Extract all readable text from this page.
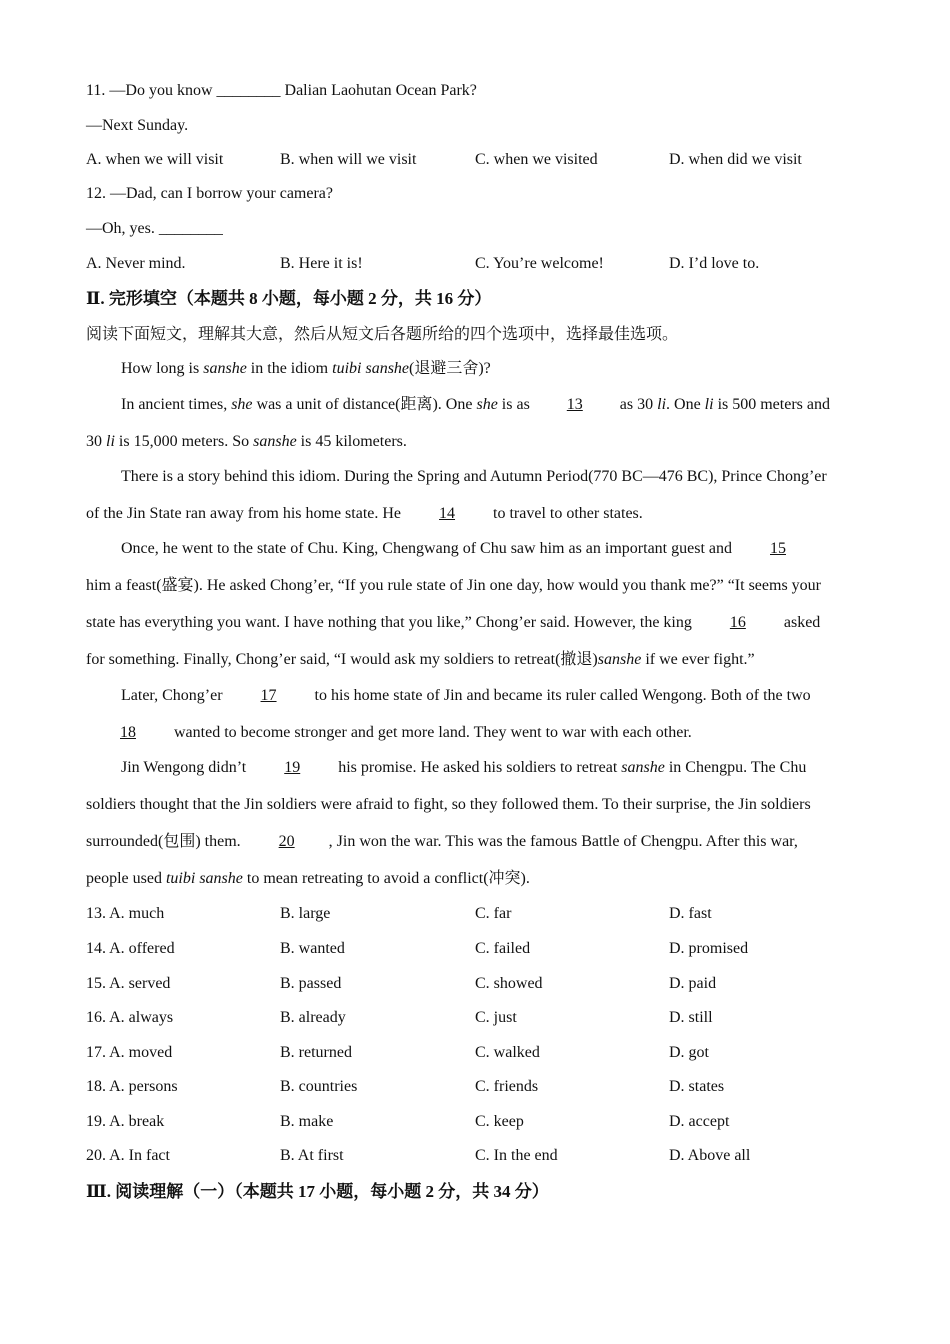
11. —Do you know ________ Dalian Laohutan Ocean Park?
—Next Sunday.
A. when we will visit	B. when will we visit	C. when we visited	D. when did we visit
12. —Dad, can I borrow your camera?
—Oh, yes. ________
A. Never mind.	B. Here it is!	C. You’re welcome!	D. I’d love to.
Ⅱ. 完形填空（本题共 8 小题，每小题 2 分，共 16 分）
阅读下面短文，理解其大意，然后从短文后各题所给的四个选项中，选择最佳选项。
How long is sanshe in the idiom tuibi sanshe(退避三舍)?
In ancient times, she was a unit of distance(距离). One she is as 13 as 30 li. One li is 500 meters and
30 li is 15,000 meters. So sanshe is 45 kilometers.
There is a story behind this idiom. During the Spring and Autumn Period(770 BC—476 BC), Prince Chong’er
of the Jin State ran away from his home state. He 14 to travel to other states.
Once, he went to the state of Chu. King, Chengwang of Chu saw him as an important guest and 15
him a feast(盛宴). He asked Chong’er, “If you rule state of Jin one day, how would you thank me?” “It seems your
state has everything you want. I have nothing that you like,” Chong’er said. However, the king 16 asked
for something. Finally, Chong’er said, “I would ask my soldiers to retreat(撤退)sanshe if we ever fight.”
Later, Chong’er 17 to his home state of Jin and became its ruler called Wengong. Both of the two
18 wanted to become stronger and get more land. They went to war with each other.
Jin Wengong didn’t 19 his promise. He asked his soldiers to retreat sanshe in Chengpu. The Chu
soldiers thought that the Jin soldiers were afraid to fight, so they followed them. To their surprise, the Jin soldiers
surrounded(包围) them. 20 , Jin won the war. This was the famous Battle of Chengpu. After this war,
people used tuibi sanshe to mean retreating to avoid a conflict(冲突).
13. A. much	B. large	C. far	D. fast
14. A. offered	B. wanted	C. failed	D. promised
15. A. served	B. passed	C. showed	D. paid
16. A. always	B. already	C. just	D. still
17. A. moved	B. returned	C. walked	D. got
18. A. persons	B. countries	C. friends	D. states
19. A. break	B. make	C. keep	D. accept
20. A. In fact	B. At first	C. In the end	D. Above all
Ⅲ. 阅读理解（一）（本题共 17 小题，每小题 2 分，共 34 分）
